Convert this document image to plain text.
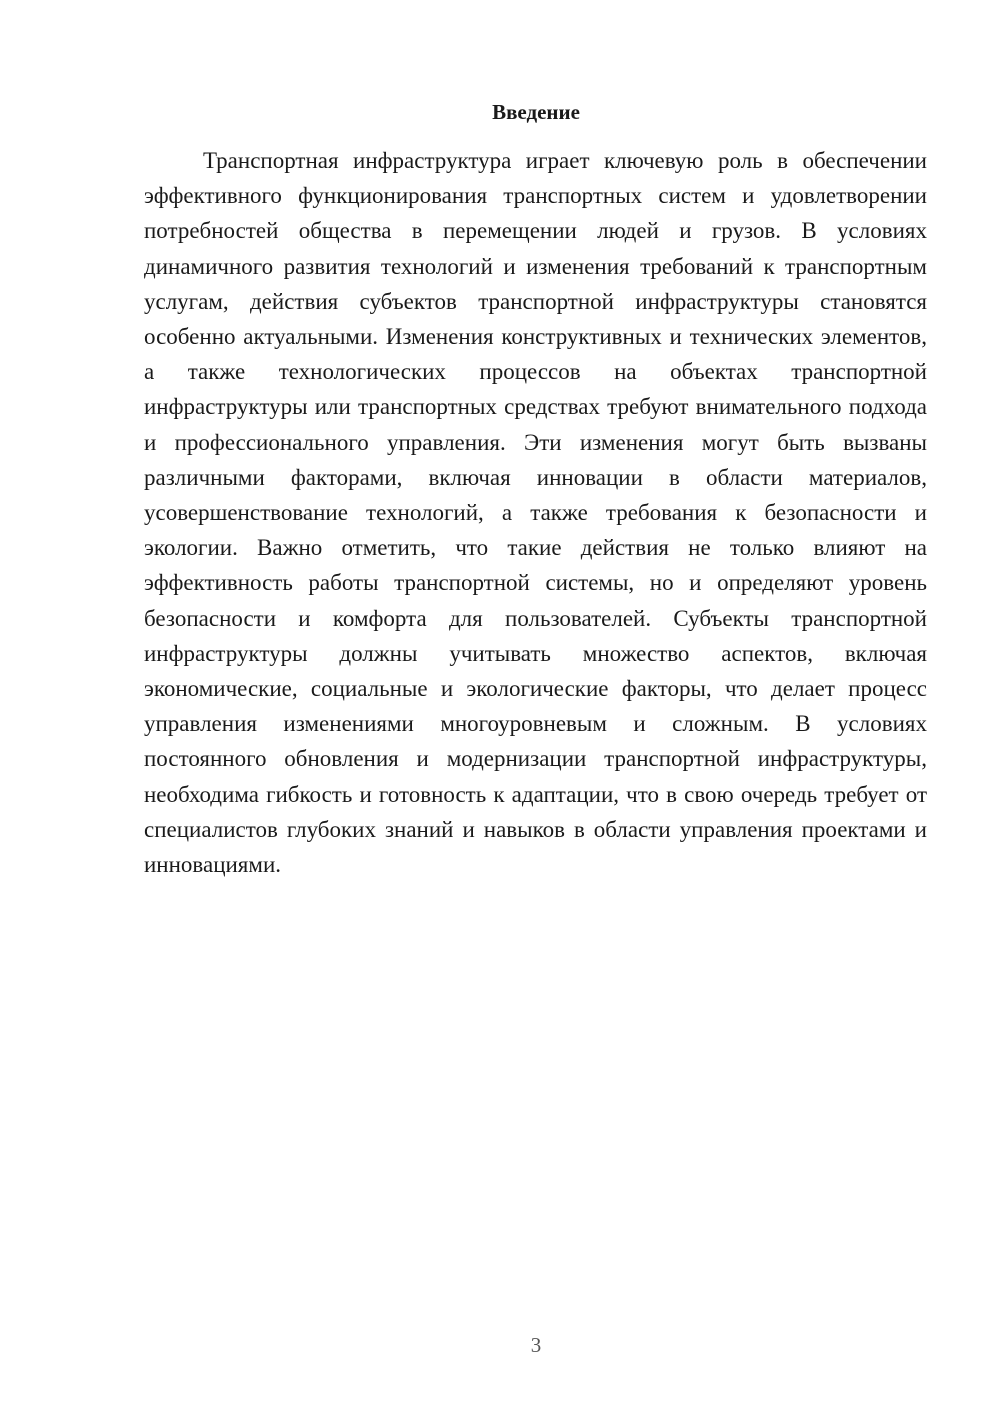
Введение

Транспортная инфраструктура играет ключевую роль в обеспечении эффективного функционирования транспортных систем и удовлетворении потребностей общества в перемещении людей и грузов. В условиях динамичного развития технологий и изменения требований к транспортным услугам, действия субъектов транспортной инфраструктуры становятся особенно актуальными. Изменения конструктивных и технических элементов, а также технологических процессов на объектах транспортной инфраструктуры или транспортных средствах требуют внимательного подхода и профессионального управления. Эти изменения могут быть вызваны различными факторами, включая инновации в области материалов, усовершенствование технологий, а также требования к безопасности и экологии. Важно отметить, что такие действия не только влияют на эффективность работы транспортной системы, но и определяют уровень безопасности и комфорта для пользователей. Субъекты транспортной инфраструктуры должны учитывать множество аспектов, включая экономические, социальные и экологические факторы, что делает процесс управления изменениями многоуровневым и сложным. В условиях постоянного обновления и модернизации транспортной инфраструктуры, необходима гибкость и готовность к адаптации, что в свою очередь требует от специалистов глубоких знаний и навыков в области управления проектами и инновациями.

3
